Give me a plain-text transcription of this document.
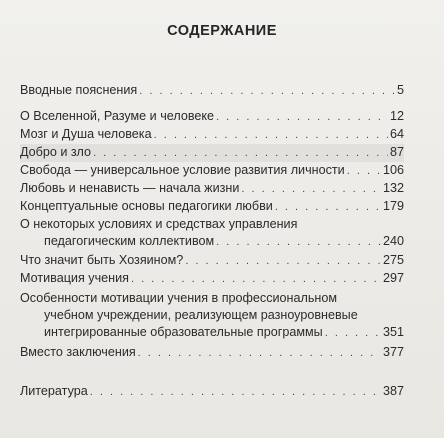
СОДЕРЖАНИЕ
Вводные пояснения . . .	5
О Вселенной, Разуме и человеке . . .	12
Мозг и Душа человека . . .	64
Добро и зло . . .	87
Свобода — универсальное условие развития личности . . .	106
Любовь и ненависть — начала жизни . . .	132
Концептуальные основы педагогики любви . . .	179
О некоторых условиях и средствах управления
педагогическим коллективом . . .	240
Что значит быть Хозяином? . . .	275
Мотивация учения . . .	297
Особенности мотивации учения в профессиональном
учебном учреждении, реализующем разноуровневые
интегрированные образовательные программы . . .	351
Вместо заключения . . .	377
Литература . . .	387
